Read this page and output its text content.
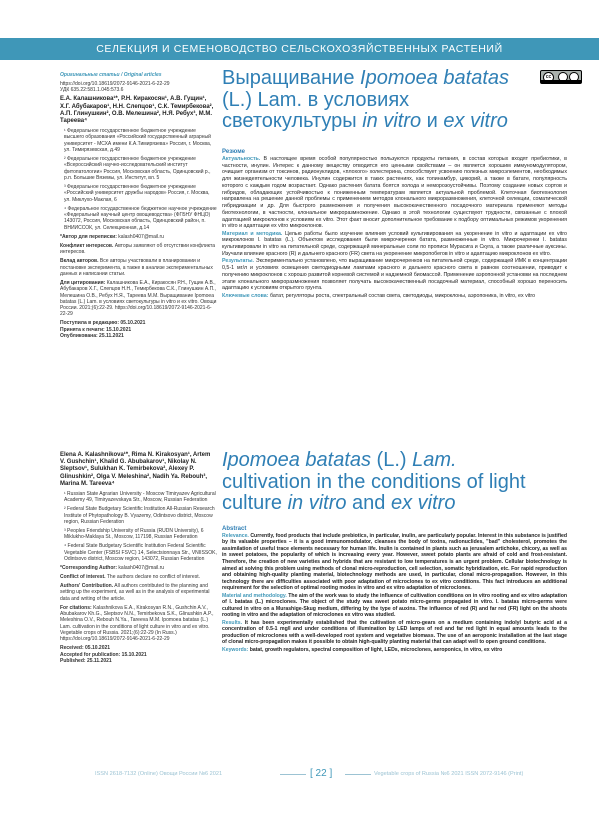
СЕЛЕКЦИЯ И СЕМЕНОВОДСТВО СЕЛЬСКОХОЗЯЙСТВЕННЫХ РАСТЕНИЙ

Оригинальные статьи / Original articles

https://doi.org/10.18619/2072-9146-2021-6-22-29

УДК 635.22:581.1.045:573.6

Е.А. Калашникова¹*, Р.Н. Киракосян¹, А.В. Гущин¹, Х.Г. Абубакаров¹, Н.Н. Слепцов¹, С.К. Темирбекова², А.П. Глинушкин², О.В. Мелешина², Н.Я. Ребух³, М.М. Тареева⁴

¹ Федеральное государственное бюджетное учреждение высшего образования «Российский государственный аграрный университет - МСХА имени К.А.Тимирязева» Россия, г. Москва, ул. Тимирязевская, д.49

² Федеральное государственное бюджетное учреждение «Всероссийский научно-исследовательский институт фитопатологии» Россия, Московская область, Одинцовский р., р.п. Большие Вяземы, ул. Институт, вл. 5

³ Федеральное государственное бюджетное учреждение «Российский университет дружбы народов» Россия, г. Москва, ул. Миклухо-Маклая, 6

⁴ Федеральное государственное бюджетное научное учреждение «Федеральный научный центр овощеводства» (ФГБНУ ФНЦО) 143072, Россия, Московская область, Одинцовский район, п. ВНИИССОК, ул. Селекционная, д.14

*Автор для переписки: kalash0407@mail.ru

Конфликт интересов. Авторы заявляют об отсутствии конфликта интересов.

Вклад авторов. Все авторы участвовали в планировании и постановке эксперимента, а также в анализе экспериментальных данных и написании статьи.

Для цитирования: Калашникова Е.А., Киракосян Р.Н., Гущин А.В., Абубакаров Х.Г., Слепцов Н.Н., Темирбекова С.К., Глинушкин А.П., Мелешина О.В., Ребух Н.Я., Тареева М.М. Выращивание Ipomoea batatas (L.) Lam. в условиях светокультуры in vitro и ex vitro. Овощи России. 2021;(6):22-29. https://doi.org/10.18619/2072-9146-2021-6-22-29

Поступила в редакцию: 05.10.2021

Принята к печати: 15.10.2021

Опубликована: 25.11.2021

Выращивание Ipomoea batatas (L.) Lam. в условиях светокультуры in vitro и ex vitro

Резюме

Актуальность. В настоящее время особой популярностью пользуются продукты питания, в состав которых входят пребиотики, в частности, инулин. Интерес к данному веществу отводится его ценными свойствами – он является хорошим иммуномодулятором, очищает организм от токсинов, радионуклидов, «плохого» холестерина, способствует усвоению полезных микроэлементов, необходимых для жизнедеятельности человека. Инулин содержится в таких растениях, как топинамбур, цикорий, а также в батате, популярность которого с каждым годом возрастает. Однако растения батата боятся холода и неморозоустойчивы. Поэтому создание новых сортов и гибридов, обладающих устойчивостью к пониженным температурам является актуальной проблемой. Клеточная биотехнология направлена на решение данной проблемы с применением методов клонального микроразмножения, клеточной селекции, соматической гибридизации и др. Для быстрого размножения и получения высококачественного посадочного материала применяют методы биотехнологии, в частности, клональное микроразмножение. Однако в этой технологии существуют трудности, связанные с плохой адаптацией микроклонов к условиям ex vitro. Этот факт вносит дополнительное требование к подбору оптимальных режимов укоренения in vitro и адаптации ex vitro микроклонов.

Материал и методика. Целью работы было изучение влияния условий культивирования на укоренение in vitro и адаптации ex vitro микроклонов I. batatas (L.). Объектом исследования были микрочеренки батата, размноженные in vitro. Микрочеренки I. batatas культивировали in vitro на питательной среде, содержащей минеральные соли по прописи Мурасига и Скуга, а также различные ауксины. Изучали влияние красного (R) и дальнего красного (FR) света на укоренение микропобегов in vitro и адаптацию микроклонов ex vitro.

Результаты. Экспериментально установлено, что выращивание микрочеренков на питательной среде, содержащей ИМК в концентрации 0,5-1 мг/л и условиях освещения светодиодными лампами красного и дальнего красного света в равном соотношении, приводит к получению микроклонов с хорошо развитой корневой системой и надземной биомассой. Применение аэропонной установки на последнем этапе клонального микроразмножения позволяет получать высококачественный посадочный материал, способный хорошо переносить адаптацию к условиям открытого грунта.

Ключевые слова: батат, регуляторы роста, спектральный состав света, светодиоды, микроклоны, аэропоника, in vitro, ex vitro

cc

Elena A. Kalashnikova¹*, Rima N. Kirakosyan¹, Artem V. Gushchin¹, Khalid G. Abubakarov¹, Nikolay N. Sleptsov¹, Sulukhan K. Temirbekova², Alexey P. Glinushkin², Olga V. Meleshina², Nadih Ya. Rebouh³, Marina M. Tareeva⁴

¹ Russian State Agrarian University - Moscow Timiryazev Agricultural Academy 49, Timiryazevskaya Str., Moscow, Russian Federation

² Federal State Budgetary Scientific Institution All-Russian Research Institute of Phytopathology B. Vyazemy, Odintsovo district, Moscow region, Russian Federation

³ Peoples Friendship University of Russia (RUDN University), 6 Miklukho-Maklaya St., Moscow, 117198, Russian Federation

⁴ Federal State Budgetary Scientific Institution Federal Scientific Vegetable Center (FSBSI FSVC) 14, Selectsionnaya Str., VNIISSOK, Odintsovo district, Moscow region, 143072, Russian Federation

*Corresponding Author: kalash0407@mail.ru

Conflict of interest. The authors declare no conflict of interest.

Authors' Contribution. All authors contributed to the planning and setting up the experiment, as well as in the analysis of experimental data and writing of the article.

For citations: Kalashnikova E.A., Kirakosyan R.N., Gushchin A.V., Abubakarov Kh.G., Sleptsov N.N., Temirbekova S.K., Glinushkin A.P., Meleshina O.V., Rebouh N.Ya., Tareeva M.M. Ipomoea batatas (L.) Lam. cultivation in the conditions of light culture in vitro and ex vitro. Vegetable crops of Russia. 2021;(6):22-29 (In Russ.) https://doi.org/10.18619/2072-9146-2021-6-22-29

Received: 05.10.2021

Accepted for publication: 15.10.2021

Published: 25.11.2021

Ipomoea batatas (L.) Lam. cultivation in the conditions of light culture in vitro and ex vitro

Abstract

Relevance. Currently, food products that include prebiotics, in particular, inulin, are particularly popular. Interest in this substance is justified by its valuable properties – it is a good immunomodulator, cleanses the body of toxins, radionuclides, "bad" cholesterol, promotes the assimilation of useful trace elements necessary for human life. Inulin is contained in plants such as jerusalem artichoke, chicory, as well as in sweet potatoes, the popularity of which is increasing every year. However, sweet potato plants are afraid of cold and frost-resistant. Therefore, the creation of new varieties and hybrids that are resistant to low temperatures is an urgent problem. Cellular biotechnology is aimed at solving this problem using methods of clonal micro-reproduction, cell selection, somatic hybridization, etc. For rapid reproduction and obtaining high-quality planting material, biotechnology methods are used, in particular, clonal micro-propagation. However, in this technology there are difficulties associated with poor adaptation of microclones to ex vitro conditions. This fact introduces an additional requirement for the selection of optimal rooting modes in vitro and ex vitro adaptation of microclones.

Material and methodology. The aim of the work was to study the influence of cultivation conditions on in vitro rooting and ex vitro adaptation of I. batatas (L.) microclones. The object of the study was sweet potato micro-germs propagated in vitro. I. batatas micro-germs were cultured in vitro on a Murashige-Skug medium, differing by the type of auxins. The influence of red (R) and far red (FR) light on the shoots rooting in vitro and the adaptation of microclones ex vitro was studied.

Results. It has been experimentally established that the cultivation of micro-gears on a medium containing indolyl butyric acid at a concentration of 0.5-1 mg/l and under conditions of illumination by LED lamps of red and far red light in equal amounts leads to the production of microclones with a well-developed root system and vegetative biomass. The use of an aeroponic installation at the last stage of clonal micro-propagation makes it possible to obtain high-quality planting material that can adapt well to open ground conditions.

Keywords: batat, growth regulators, spectral composition of light, LEDs, microclones, aeroponics, in vitro, ex vitro

ISSN 2618-7132 (Online) Овощи России №6 2021	[ 22 ]	Vegetable crops of Russia №6 2021 ISSN 2072-9146 (Print)
